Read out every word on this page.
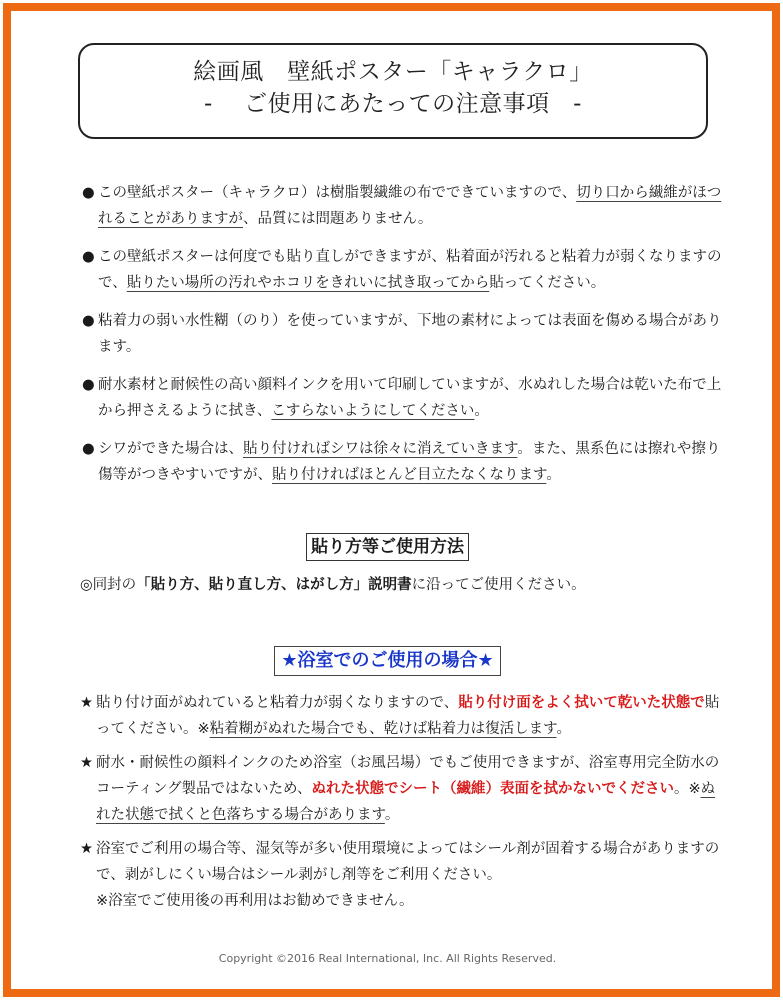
絵画風　壁紙ポスター「キャラクロ」
-　 ご使用にあたっての注意事項　-
● この壁紙ポスター（キャラクロ）は樹脂製繊維の布でできていますので、切り口から繊維がほつれることがありますが、品質には問題ありません。
● この壁紙ポスターは何度でも貼り直しができますが、粘着面が汚れると粘着力が弱くなりますので、貼りたい場所の汚れやホコリをきれいに拭き取ってから貼ってください。
● 粘着力の弱い水性糊（のり）を使っていますが、下地の素材によっては表面を傷める場合があります。
● 耐水素材と耐候性の高い顔料インクを用いて印刷していますが、水ぬれした場合は乾いた布で上から押さえるように拭き、こすらないようにしてください。
● シワができた場合は、貼り付ければシワは徐々に消えていきます。また、黒系色には擦れや擦り傷等がつきやすいですが、貼り付ければほとんど目立たなくなります。
貼り方等ご使用方法
◎同封の「貼り方、貼り直し方、はがし方」説明書に沿ってご使用ください。
★浴室でのご使用の場合★
★ 貼り付け面がぬれていると粘着力が弱くなりますので、貼り付け面をよく拭いて乾いた状態で貼ってください。※粘着糊がぬれた場合でも、乾けば粘着力は復活します。
★ 耐水・耐候性の顔料インクのため浴室（お風呂場）でもご使用できますが、浴室専用完全防水のコーティング製品ではないため、ぬれた状態でシート（繊維）表面を拭かないでください。※ぬれた状態で拭くと色落ちする場合があります。
★ 浴室でご利用の場合等、湿気等が多い使用環境によってはシール剤が固着する場合がありますので、剥がしにくい場合はシール剥がし剤等をご利用ください。
※浴室でご使用後の再利用はお勧めできません。
Copyright ©2016 Real International, Inc. All Rights Reserved.
